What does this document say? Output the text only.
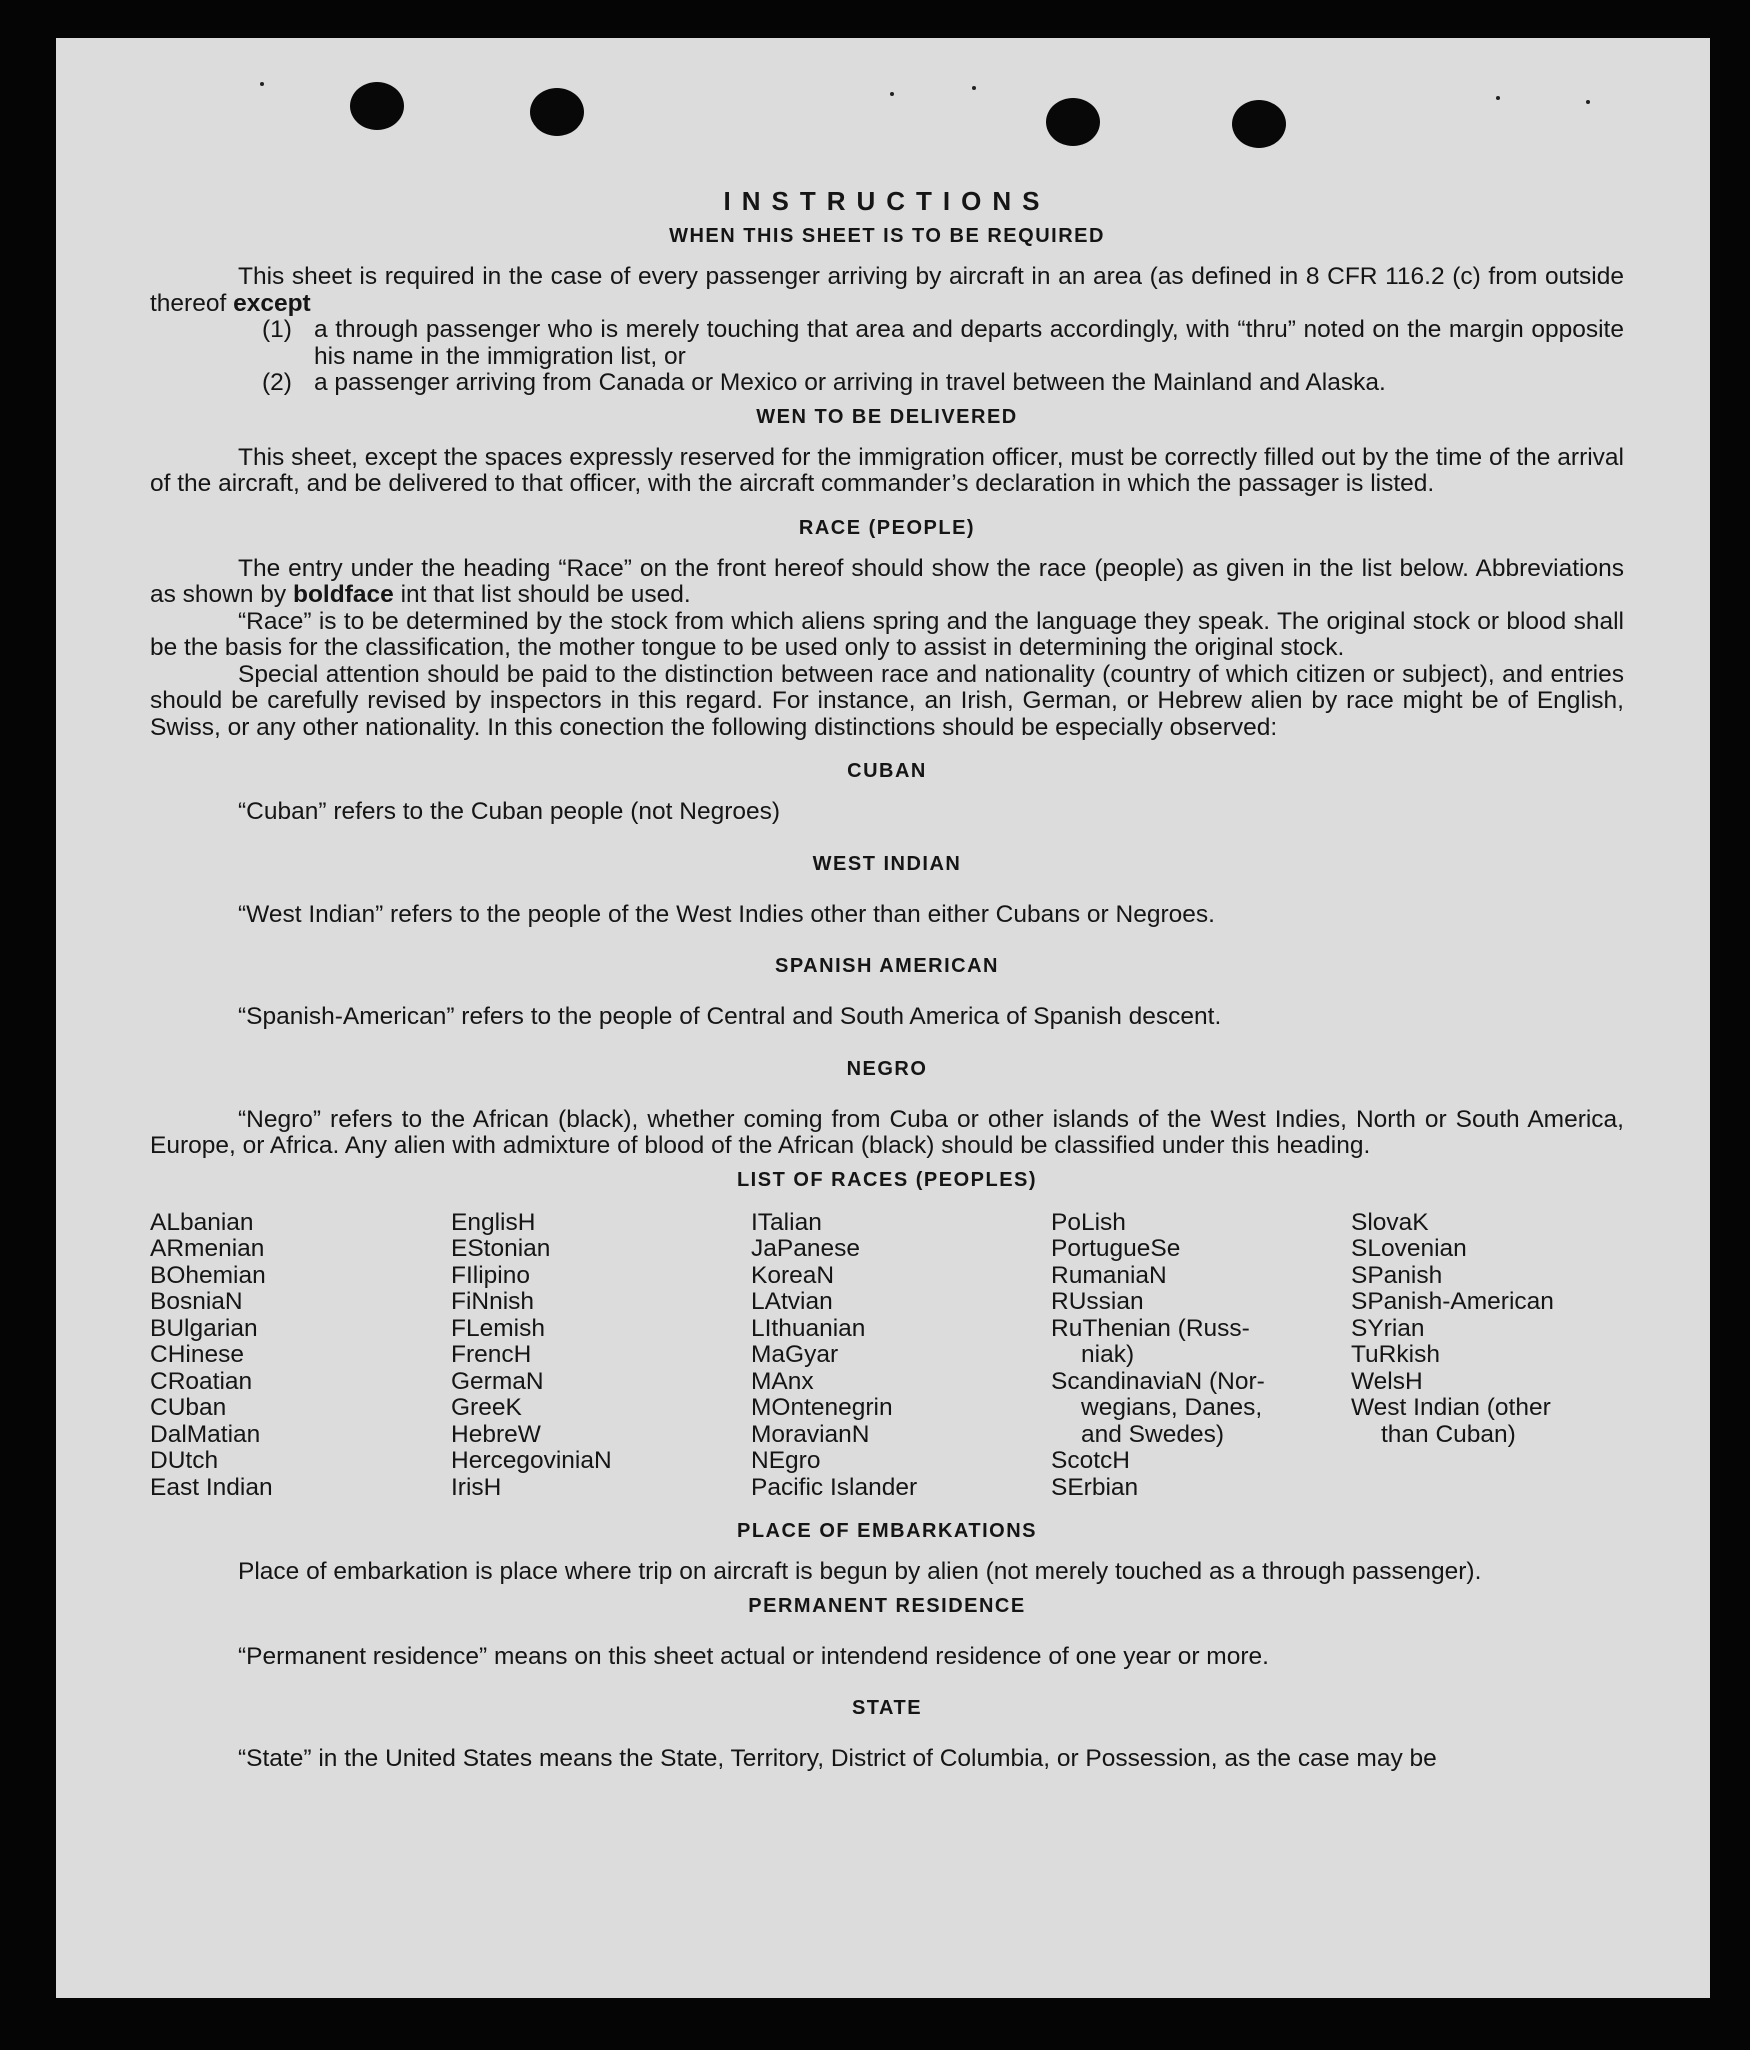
INSTRUCTIONS
WHEN THIS SHEET IS TO BE REQUIRED

This sheet is required in the case of every passenger arriving by aircraft in an area (as defined in 8 CFR 116.2 (c) from outside thereof except

(1) a through passenger who is merely touching that area and departs accordingly, with “thru” noted on the margin opposite his name in the immigration list, or
(2) a passenger arriving from Canada or Mexico or arriving in travel between the Mainland and Alaska.
WEN TO BE DELIVERED

This sheet, except the spaces expressly reserved for the immigration officer, must be correctly filled out by the time of the arrival of the aircraft, and be delivered to that officer, with the aircraft commander’s declaration in which the passager is listed.

RACE (PEOPLE)

The entry under the heading “Race” on the front hereof should show the race (people) as given in the list below. Abbreviations as shown by boldface int that list should be used.

“Race” is to be determined by the stock from which aliens spring and the language they speak. The original stock or blood shall be the basis for the classification, the mother tongue to be used only to assist in determining the original stock.

Special attention should be paid to the distinction between race and nationality (country of which citizen or subject), and entries should be carefully revised by inspectors in this regard. For instance, an Irish, German, or Hebrew alien by race might be of English, Swiss, or any other nationality. In this conection the following distinctions should be especially observed:

CUBAN

“Cuban” refers to the Cuban people (not Negroes)

WEST INDIAN

“West Indian” refers to the people of the West Indies other than either Cubans or Negroes.

SPANISH AMERICAN

“Spanish-American” refers to the people of Central and South America of Spanish descent.

NEGRO

“Negro” refers to the African (black), whether coming from Cuba or other islands of the West Indies, North or South America, Europe, or Africa. Any alien with admixture of blood of the African (black) should be classified under this heading.

LIST OF RACES (PEOPLES)
ALbanian
ARmenian
BOhemian
BosniaN
BUlgarian
CHinese
CRoatian
CUban
DalMatian
DUtch
East Indian
EnglisH
EStonian
FIlipino
FiNnish
FLemish
FrencH
GermaN
GreeK
HebreW
HercegoviniaN
IrisH
ITalian
JaPanese
KoreaN
LAtvian
LIthuanian
MaGyar
MAnx
MOntenegrin
MoravianN
NEgro
Pacific Islander
PoLish
PortugueSe
RumaniaN
RUssian
RuThenian (Russ-
niak)
ScandinaviaN (Nor-
wegians, Danes,
and Swedes)
ScotcH
SErbian
SlovaK
SLovenian
SPanish
SPanish-American
SYrian
TuRkish
WelsH
West Indian (other
than Cuban)
PLACE OF EMBARKATIONS

Place of embarkation is place where trip on aircraft is begun by alien (not merely touched as a through passenger).

PERMANENT RESIDENCE

“Permanent residence” means on this sheet actual or intendend residence of one year or more.

STATE

“State” in the United States means the State, Territory, District of Columbia, or Possession, as the case may be
